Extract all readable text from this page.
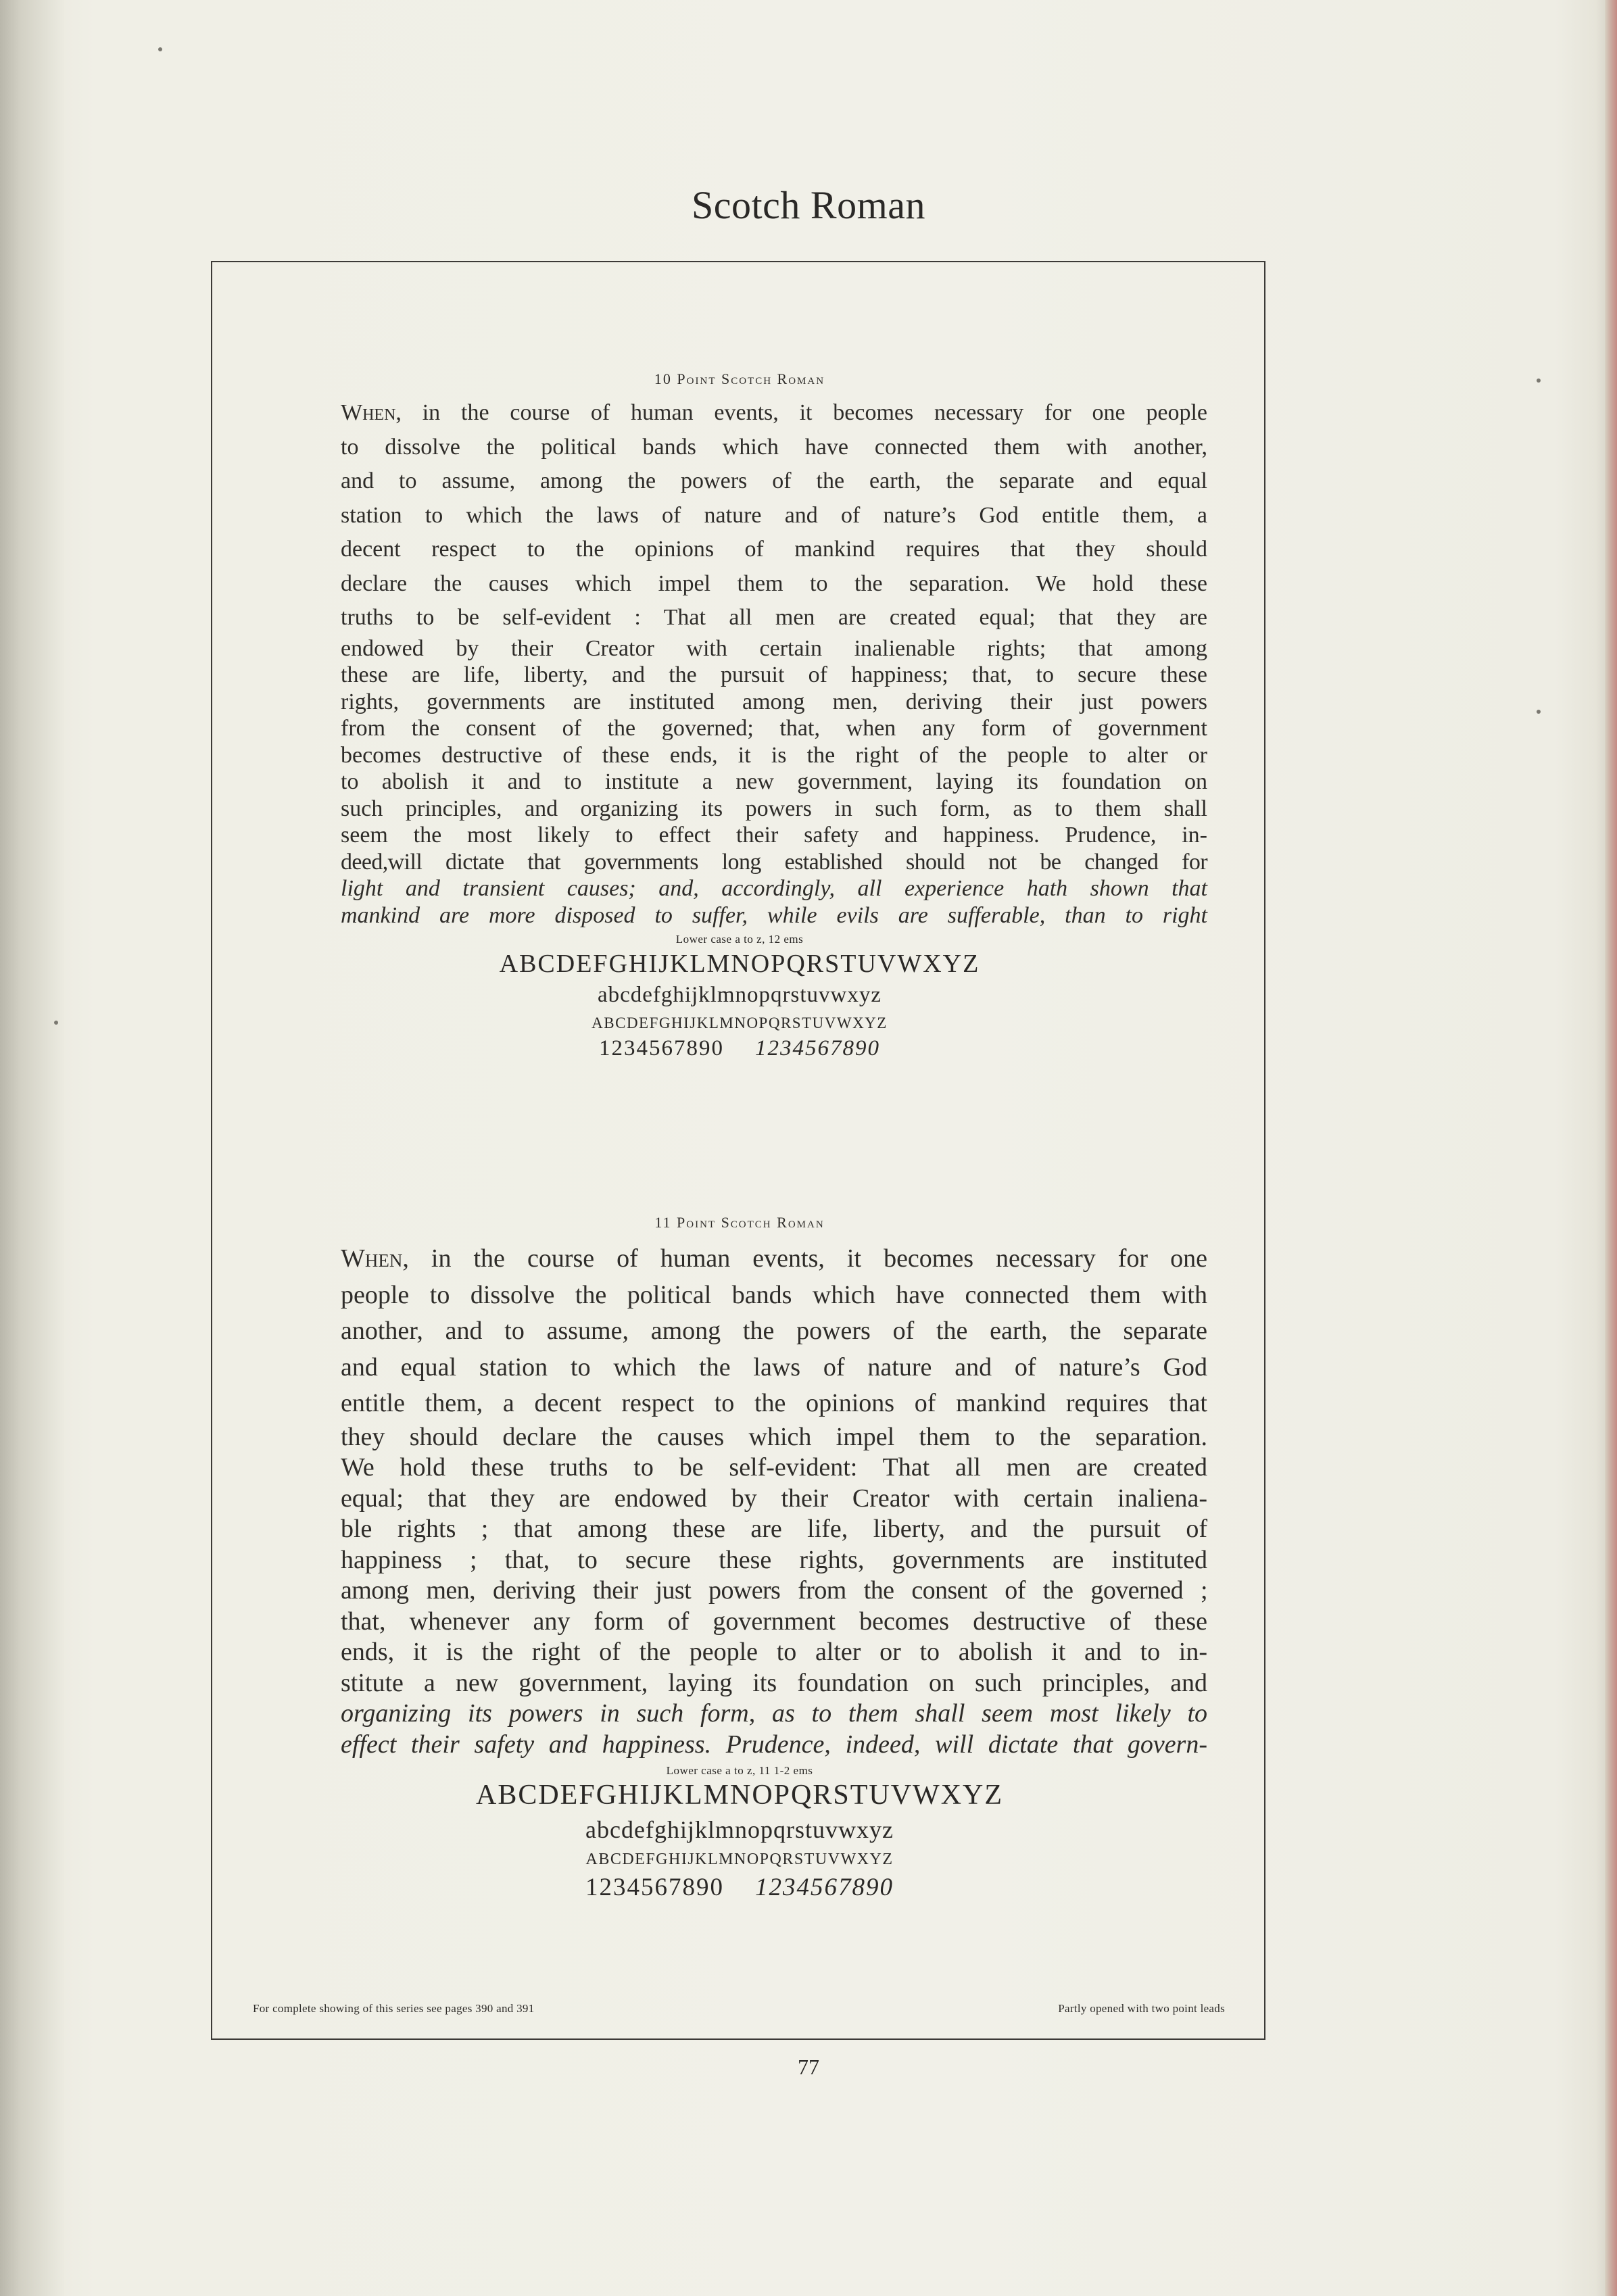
Scotch Roman
10 Point Scotch Roman
When, in the course of human events, it becomes necessary for one people
to dissolve the political bands which have connected them with another,
and to assume, among the powers of the earth, the separate and equal
station to which the laws of nature and of nature’s God entitle them, a
decent respect to the opinions of mankind requires that they should
declare the causes which impel them to the separation. We hold these
truths to be self-evident : That all men are created equal; that they are
endowed by their Creator with certain inalienable rights; that among
these are life, liberty, and the pursuit of happiness; that, to secure these
rights, governments are instituted among men, deriving their just powers
from the consent of the governed; that, when any form of government
becomes destructive of these ends, it is the right of the people to alter or
to abolish it and to institute a new government, laying its foundation on
such principles, and organizing its powers in such form, as to them shall
seem the most likely to effect their safety and happiness. Prudence, in-
deed,will dictate that governments long established should not be changed for
light and transient causes; and, accordingly, all experience hath shown that
mankind are more disposed to suffer, while evils are sufferable, than to right
Lower case a to z, 12 ems
ABCDEFGHIJKLMNOPQRSTUVWXYZ
abcdefghijklmnopqrstuvwxyz
ABCDEFGHIJKLMNOPQRSTUVWXYZ
1234567890 1234567890
11 Point Scotch Roman
When, in the course of human events, it becomes necessary for one
people to dissolve the political bands which have connected them with
another, and to assume, among the powers of the earth, the separate
and equal station to which the laws of nature and of nature’s God
entitle them, a decent respect to the opinions of mankind requires that
they should declare the causes which impel them to the separation.
We hold these truths to be self-evident: That all men are created
equal; that they are endowed by their Creator with certain inaliena-
ble rights ; that among these are life, liberty, and the pursuit of
happiness ; that, to secure these rights, governments are instituted
among men, deriving their just powers from the consent of the governed ;
that, whenever any form of government becomes destructive of these
ends, it is the right of the people to alter or to abolish it and to in-
stitute a new government, laying its foundation on such principles, and
organizing its powers in such form, as to them shall seem most likely to
effect their safety and happiness. Prudence, indeed, will dictate that govern-
Lower case a to z, 11 1-2 ems
ABCDEFGHIJKLMNOPQRSTUVWXYZ
abcdefghijklmnopqrstuvwxyz
ABCDEFGHIJKLMNOPQRSTUVWXYZ
1234567890 1234567890
For complete showing of this series see pages 390 and 391	Partly opened with two point leads
77
